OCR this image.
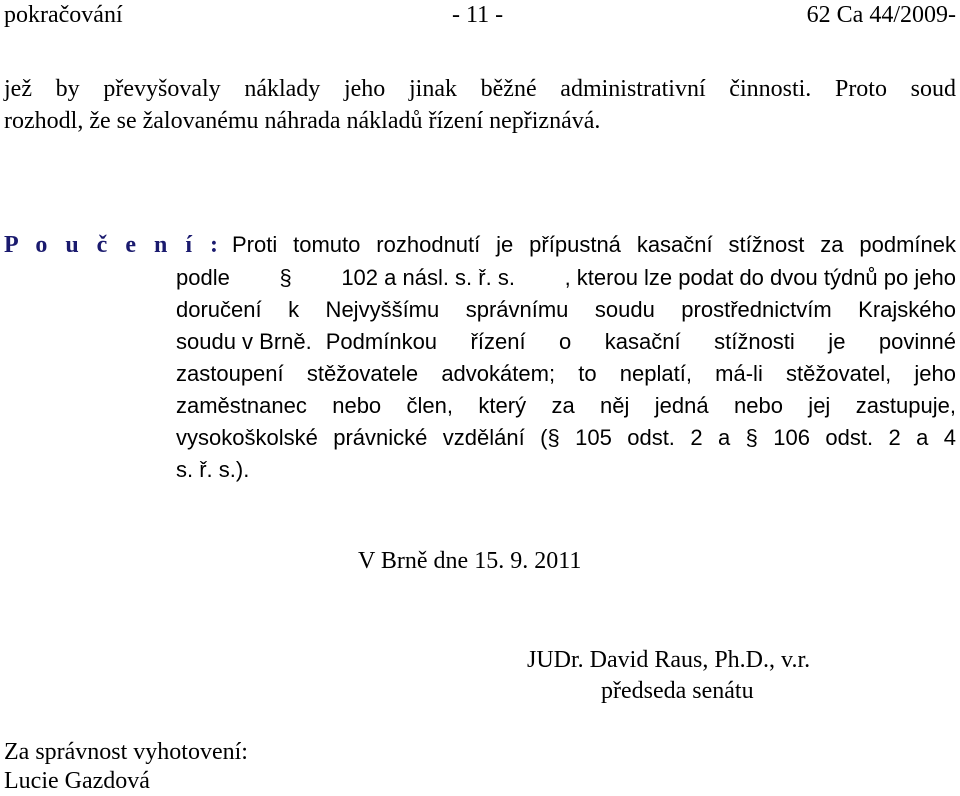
pokračování	- 11 -	62 Ca 44/2009-
jež by převyšovaly náklady jeho jinak běžné administrativní činnosti. Proto soud
rozhodl, že se žalovanému náhrada nákladů řízení nepřiznává.
P o u č e n í : Proti tomuto rozhodnutí je přípustná kasační stížnost za podmínek
podle § 102 a násl. s. ř. s. , kterou lze podat do dvou týdnů po jeho
doručení k Nejvyššímu správnímu soudu prostřednictvím Krajského
soudu v Brně. Podmínkou řízení o kasační stížnosti je povinné
zastoupení stěžovatele advokátem; to neplatí, má-li stěžovatel, jeho
zaměstnanec nebo člen, který za něj jedná nebo jej zastupuje,
vysokoškolské právnické vzdělání (§ 105 odst. 2 a § 106 odst. 2 a 4
s. ř. s.).
V Brně dne 15. 9. 2011
JUDr. David Raus, Ph.D., v.r.
předseda senátu
Za správnost vyhotovení:
Lucie Gazdová
